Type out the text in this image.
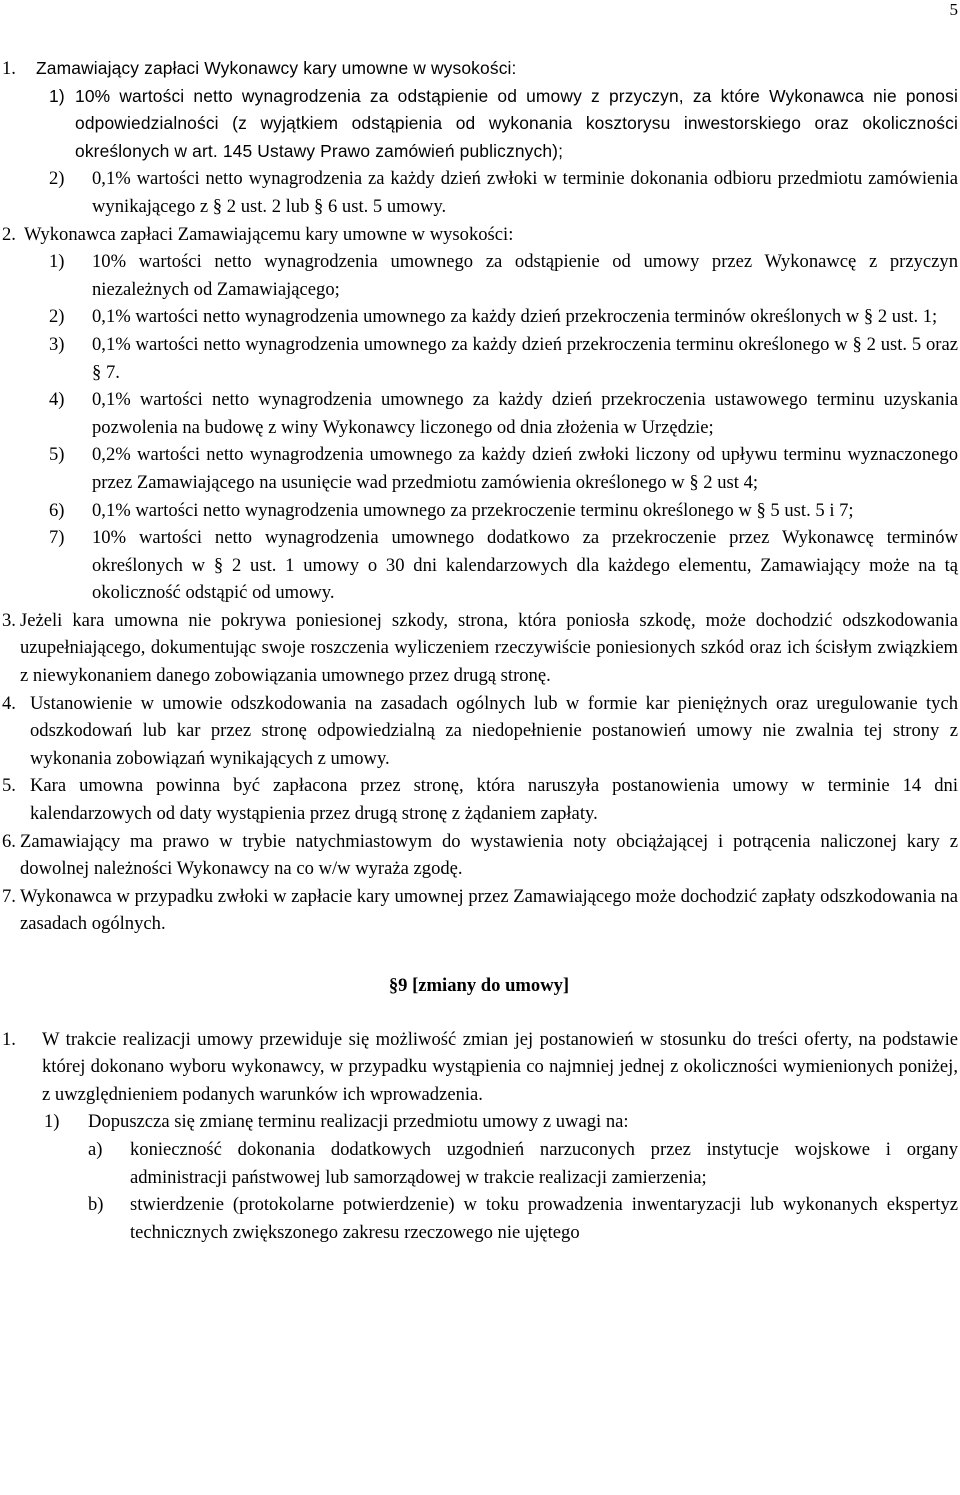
5
1. Zamawiający zapłaci Wykonawcy kary umowne w wysokości:
1) 10% wartości netto wynagrodzenia za odstąpienie od umowy z przyczyn, za które Wykonawca nie ponosi odpowiedzialności (z wyjątkiem odstąpienia od wykonania kosztorysu inwestorskiego oraz okoliczności określonych w art. 145 Ustawy Prawo zamówień publicznych);
2) 0,1% wartości netto wynagrodzenia za każdy dzień zwłoki w terminie dokonania odbioru przedmiotu zamówienia wynikającego z § 2 ust. 2 lub § 6 ust. 5 umowy.
2. Wykonawca zapłaci Zamawiającemu kary umowne w wysokości:
1) 10% wartości netto wynagrodzenia umownego za odstąpienie od umowy przez Wykonawcę z przyczyn niezależnych od Zamawiającego;
2) 0,1% wartości netto wynagrodzenia umownego za każdy dzień przekroczenia terminów określonych w § 2 ust. 1;
3) 0,1% wartości netto wynagrodzenia umownego za każdy dzień przekroczenia terminu określonego w § 2 ust. 5 oraz § 7.
4) 0,1% wartości netto wynagrodzenia umownego za każdy dzień przekroczenia ustawowego terminu uzyskania pozwolenia na budowę z winy Wykonawcy liczonego od dnia złożenia w Urzędzie;
5) 0,2% wartości netto wynagrodzenia umownego za każdy dzień zwłoki liczony od upływu terminu wyznaczonego przez Zamawiającego na usunięcie wad przedmiotu zamówienia określonego w § 2 ust 4;
6) 0,1% wartości netto wynagrodzenia umownego za przekroczenie terminu określonego w § 5 ust. 5 i 7;
7) 10% wartości netto wynagrodzenia umownego dodatkowo za przekroczenie przez Wykonawcę terminów określonych w § 2 ust. 1 umowy o 30 dni kalendarzowych dla każdego elementu, Zamawiający może na tą okoliczność odstąpić od umowy.
3. Jeżeli kara umowna nie pokrywa poniesionej szkody, strona, która poniosła szkodę, może dochodzić odszkodowania uzupełniającego, dokumentując swoje roszczenia wyliczeniem rzeczywiście poniesionych szkód oraz ich ścisłym związkiem z niewykonaniem danego zobowiązania umownego przez drugą stronę.
4. Ustanowienie w umowie odszkodowania na zasadach ogólnych lub w formie kar pieniężnych oraz uregulowanie tych odszkodowań lub kar przez stronę odpowiedzialną za niedopełnienie postanowień umowy nie zwalnia tej strony z wykonania zobowiązań wynikających z umowy.
5. Kara umowna powinna być zapłacona przez stronę, która naruszyła postanowienia umowy w terminie 14 dni kalendarzowych od daty wystąpienia przez drugą stronę z żądaniem zapłaty.
6. Zamawiający ma prawo w trybie natychmiastowym do wystawienia noty obciążającej i potrącenia naliczonej kary z dowolnej należności Wykonawcy na co w/w wyraża zgodę.
7. Wykonawca w przypadku zwłoki w zapłacie kary umownej przez Zamawiającego może dochodzić zapłaty odszkodowania na zasadach ogólnych.
§9 [zmiany do umowy]
1. W trakcie realizacji umowy przewiduje się możliwość zmian jej postanowień w stosunku do treści oferty, na podstawie której dokonano wyboru wykonawcy, w przypadku wystąpienia co najmniej jednej z okoliczności wymienionych poniżej, z uwzględnieniem podanych warunków ich wprowadzenia.
1) Dopuszcza się zmianę terminu realizacji przedmiotu umowy z uwagi na:
a) konieczność dokonania dodatkowych uzgodnień narzuconych przez instytucje wojskowe i organy administracji państwowej lub samorządowej w trakcie realizacji zamierzenia;
b) stwierdzenie (protokolarne potwierdzenie) w toku prowadzenia inwentaryzacji lub wykonanych ekspertyz technicznych zwiększonego zakresu rzeczowego nie ujętego
